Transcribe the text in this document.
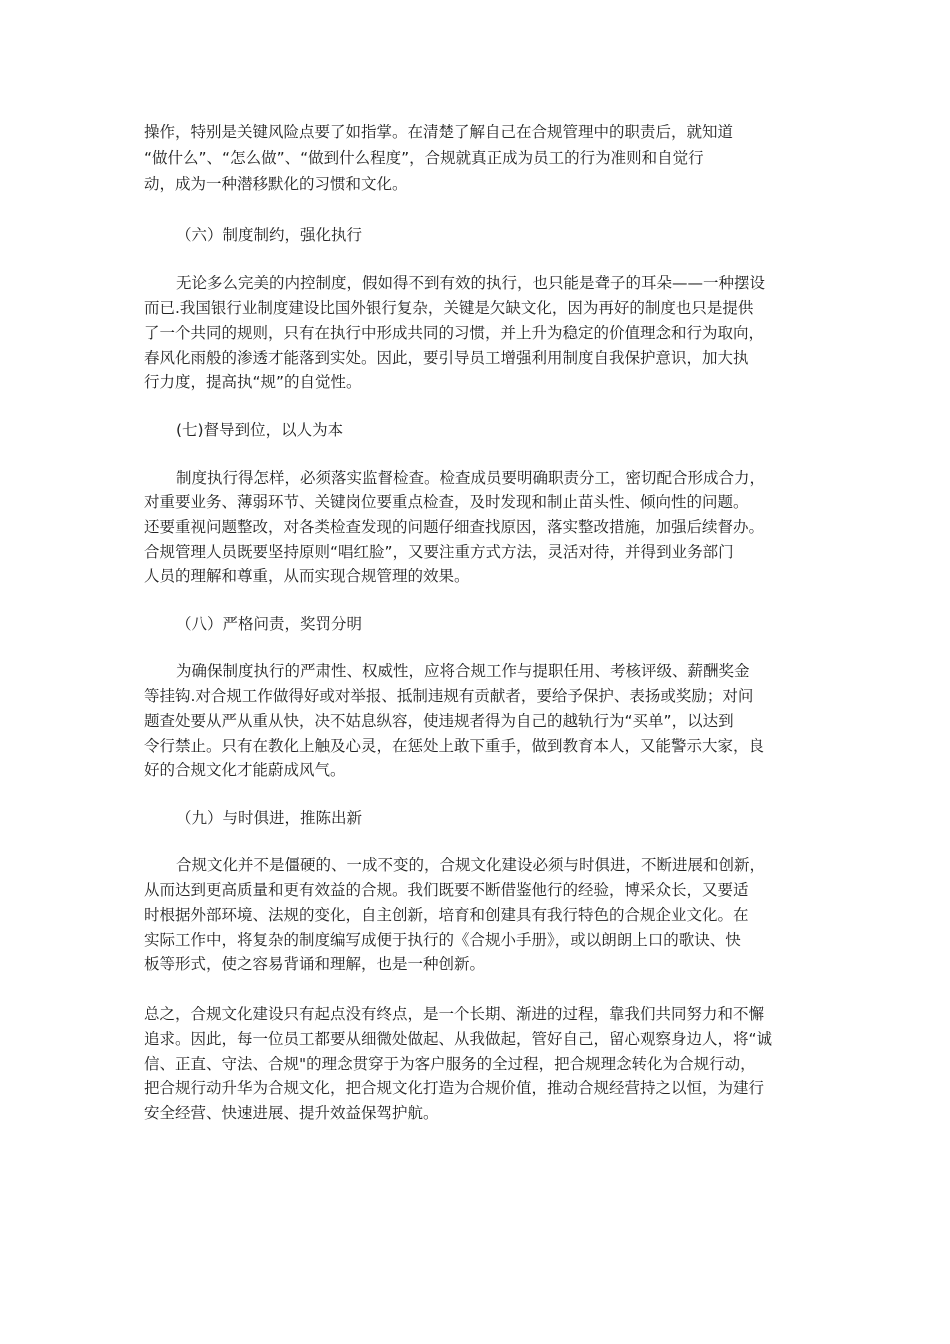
操作，特别是关键风险点要了如指掌。在清楚了解自己在合规管理中的职责后，就知道
“做什么”、“怎么做”、“做到什么程度”，合规就真正成为员工的行为准则和自觉行
动，成为一种潜移默化的习惯和文化。
（六）制度制约，强化执行
无论多么完美的内控制度，假如得不到有效的执行，也只能是聋子的耳朵——一种摆设
而已.我国银行业制度建设比国外银行复杂，关键是欠缺文化，因为再好的制度也只是提供
了一个共同的规则，只有在执行中形成共同的习惯，并上升为稳定的价值理念和行为取向，
春风化雨般的渗透才能落到实处。因此，要引导员工增强利用制度自我保护意识，加大执
行力度，提高执“规”的自觉性。
(七)督导到位，以人为本
制度执行得怎样，必须落实监督检查。检查成员要明确职责分工，密切配合形成合力，
对重要业务、薄弱环节、关键岗位要重点检查，及时发现和制止苗头性、倾向性的问题。
还要重视问题整改，对各类检查发现的问题仔细查找原因，落实整改措施，加强后续督办。
合规管理人员既要坚持原则“唱红脸”，又要注重方式方法，灵活对待，并得到业务部门
人员的理解和尊重，从而实现合规管理的效果。
（八）严格问责，奖罚分明
为确保制度执行的严肃性、权威性，应将合规工作与提职任用、考核评级、薪酬奖金
等挂钩.对合规工作做得好或对举报、抵制违规有贡献者，要给予保护、表扬或奖励；对问
题查处要从严从重从快，决不姑息纵容，使违规者得为自己的越轨行为“买单”，以达到
令行禁止。只有在教化上触及心灵，在惩处上敢下重手，做到教育本人，又能警示大家，良
好的合规文化才能蔚成风气。
（九）与时俱进，推陈出新
合规文化并不是僵硬的、一成不变的，合规文化建设必须与时俱进，不断进展和创新，
从而达到更高质量和更有效益的合规。我们既要不断借鉴他行的经验，博采众长，又要适
时根据外部环境、法规的变化，自主创新，培育和创建具有我行特色的合规企业文化。在
实际工作中，将复杂的制度编写成便于执行的《合规小手册》，或以朗朗上口的歌诀、快
板等形式，使之容易背诵和理解，也是一种创新。
总之，合规文化建设只有起点没有终点，是一个长期、渐进的过程，靠我们共同努力和不懈
追求。因此，每一位员工都要从细微处做起、从我做起，管好自己，留心观察身边人，将“诚
信、正直、守法、合规"的理念贯穿于为客户服务的全过程，把合规理念转化为合规行动，
把合规行动升华为合规文化，把合规文化打造为合规价值，推动合规经营持之以恒，为建行
安全经营、快速进展、提升效益保驾护航。
